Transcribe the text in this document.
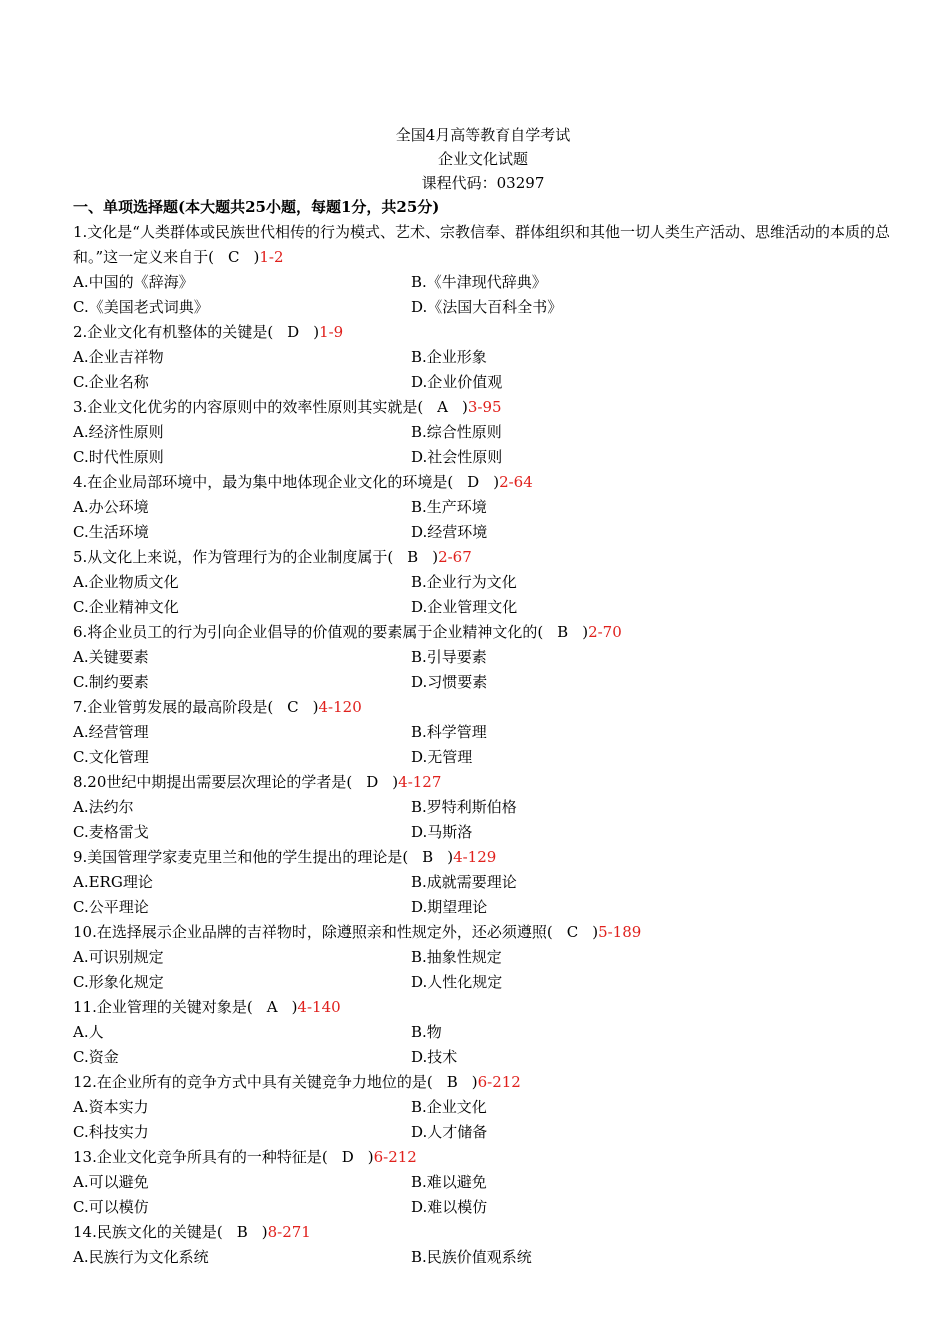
全国4月高等教育自学考试
企业文化试题
课程代码：03297
一、单项选择题(本大题共25小题，每题1分，共25分)
1.文化是“人类群体或民族世代相传的行为模式、艺术、宗教信奉、群体组织和其他一切人类生产活动、思维活动的本质的总和。”这一定义来自于( C )1-2
A.中国的《辞海》	B.《牛津现代辞典》
C.《美国老式词典》	D.《法国大百科全书》
2.企业文化有机整体的关键是( D )1-9
A.企业吉祥物	B.企业形象
C.企业名称	D.企业价值观
3.企业文化优劣的内容原则中的效率性原则其实就是( A )3-95
A.经济性原则	B.综合性原则
C.时代性原则	D.社会性原则
4.在企业局部环境中，最为集中地体现企业文化的环境是( D )2-64
A.办公环境	B.生产环境
C.生活环境	D.经营环境
5.从文化上来说，作为管理行为的企业制度属于( B )2-67
A.企业物质文化	B.企业行为文化
C.企业精神文化	D.企业管理文化
6.将企业员工的行为引向企业倡导的价值观的要素属于企业精神文化的( B )2-70
A.关键要素	B.引导要素
C.制约要素	D.习惯要素
7.企业管剪发展的最高阶段是( C )4-120
A.经营管理	B.科学管理
C.文化管理	D.无管理
8.20世纪中期提出需要层次理论的学者是( D )4-127
A.法约尔	B.罗特利斯伯格
C.麦格雷戈	D.马斯洛
9.美国管理学家麦克里兰和他的学生提出的理论是( B )4-129
A.ERG理论	B.成就需要理论
C.公平理论	D.期望理论
10.在选择展示企业品牌的吉祥物时，除遵照亲和性规定外，还必须遵照( C )5-189
A.可识别规定	B.抽象性规定
C.形象化规定	D.人性化规定
11.企业管理的关键对象是( A )4-140
A.人	B.物
C.资金	D.技术
12.在企业所有的竞争方式中具有关键竞争力地位的是( B )6-212
A.资本实力	B.企业文化
C.科技实力	D.人才储备
13.企业文化竞争所具有的一种特征是( D )6-212
A.可以避免	B.难以避免
C.可以模仿	D.难以模仿
14.民族文化的关键是( B )8-271
A.民族行为文化系统	B.民族价值观系统
